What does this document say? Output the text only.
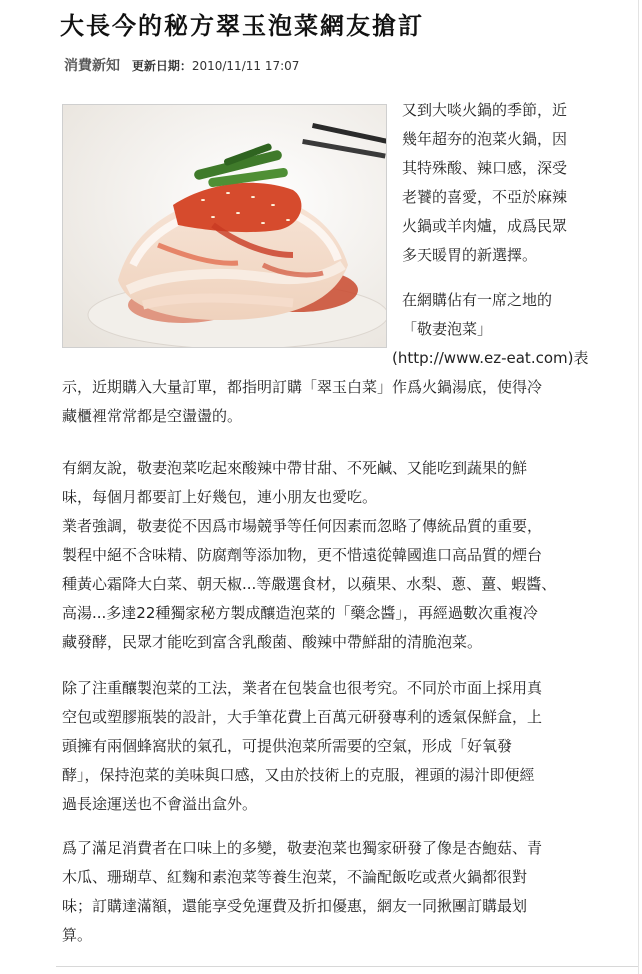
大長今的秘方翠玉泡菜網友搶訂
消費新知 更新日期：2010/11/11 17:07
又到大啖火鍋的季節，近
幾年超夯的泡菜火鍋，因
其特殊酸、辣口感，深受
老饕的喜愛，不亞於麻辣
火鍋或羊肉爐，成爲民眾
多天暖胃的新選擇。
在網購佔有一席之地的
「敬妻泡菜」
(http://www.ez-eat.com)表
示，近期購入大量訂單，都指明訂購「翠玉白菜」作爲火鍋湯底，使得冷
藏櫃裡常常都是空盪盪的。
有網友說，敬妻泡菜吃起來酸辣中帶甘甜、不死鹹、又能吃到蔬果的鮮
味，每個月都要訂上好幾包，連小朋友也愛吃。
業者強調，敬妻從不因爲市場競爭等任何因素而忽略了傳統品質的重要，
製程中絕不含味精、防腐劑等添加物，更不惜遠從韓國進口高品質的煙台
種黃心霜降大白菜、朝天椒...等嚴選食材，以蘋果、水梨、蔥、薑、蝦醬、
高湯...多達22種獨家秘方製成釀造泡菜的「藥念醬」，再經過數次重複冷
藏發酵，民眾才能吃到富含乳酸菌、酸辣中帶鮮甜的清脆泡菜。
除了注重釀製泡菜的工法，業者在包裝盒也很考究。不同於市面上採用真
空包或塑膠瓶裝的設計，大手筆花費上百萬元研發專利的透氣保鮮盒，上
頭擁有兩個蜂窩狀的氣孔，可提供泡菜所需要的空氣，形成「好氧發
酵」，保持泡菜的美味與口感，又由於技術上的克服，裡頭的湯汁即便經
過長途運送也不會溢出盒外。
爲了滿足消費者在口味上的多變，敬妻泡菜也獨家研發了像是杏鮑菇、青
木瓜、珊瑚草、紅麴和素泡菜等養生泡菜，不論配飯吃或煮火鍋都很對
味；訂購達滿額，還能享受免運費及折扣優惠，網友一同揪團訂購最划
算。
